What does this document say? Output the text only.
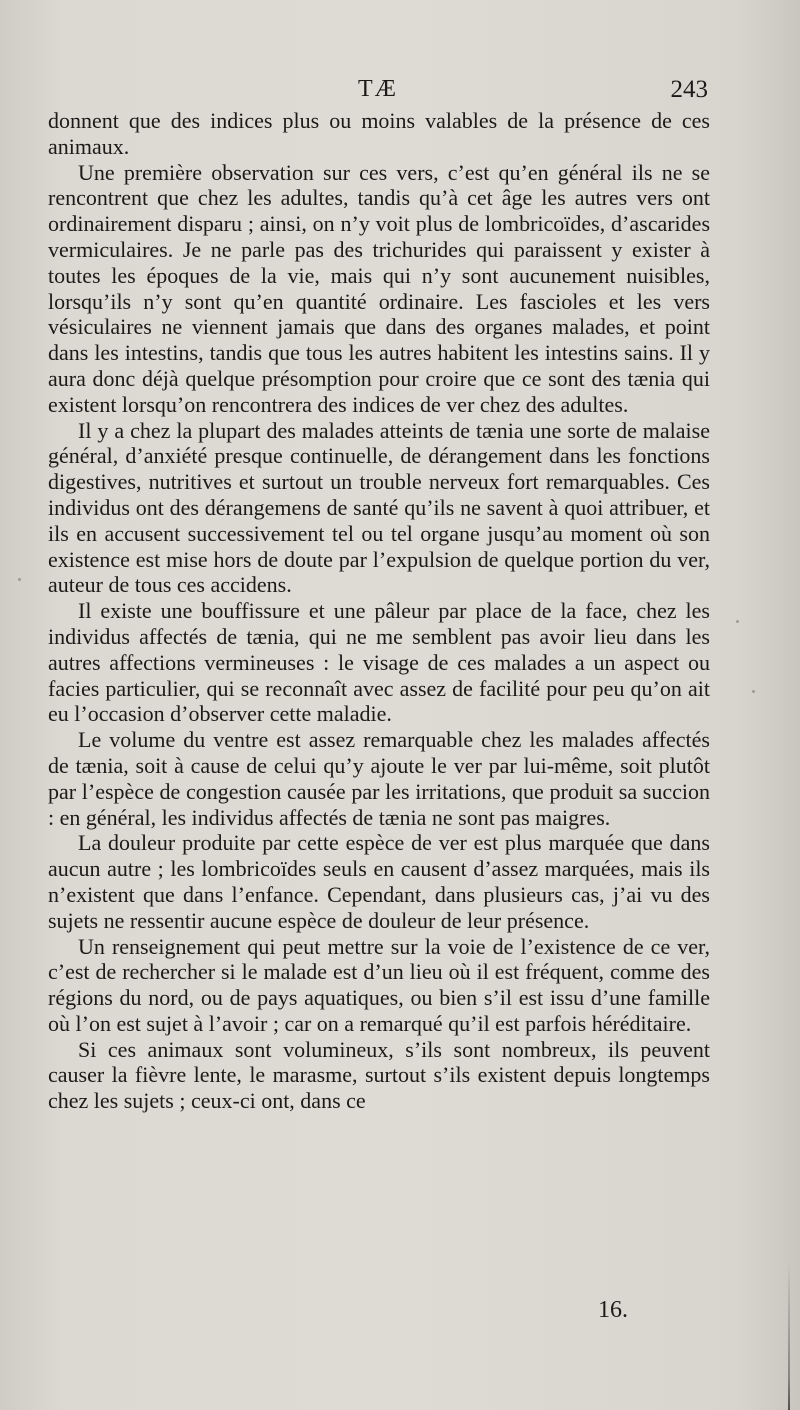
TÆ	243

donnent que des indices plus ou moins valables de la présence de ces animaux.

Une première observation sur ces vers, c’est qu’en général ils ne se rencontrent que chez les adultes, tandis qu’à cet âge les autres vers ont ordinairement disparu ; ainsi, on n’y voit plus de lombricoïdes, d’ascarides vermiculaires. Je ne parle pas des trichurides qui paraissent y exister à toutes les époques de la vie, mais qui n’y sont aucunement nuisibles, lorsqu’ils n’y sont qu’en quantité ordinaire. Les fascioles et les vers vésiculaires ne viennent jamais que dans des organes malades, et point dans les intestins, tandis que tous les autres habitent les intestins sains. Il y aura donc déjà quelque présomption pour croire que ce sont des tænia qui existent lorsqu’on rencontrera des indices de ver chez des adultes.

Il y a chez la plupart des malades atteints de tænia une sorte de malaise général, d’anxiété presque continuelle, de dérangement dans les fonctions digestives, nutritives et surtout un trouble nerveux fort remarquables. Ces individus ont des dérangemens de santé qu’ils ne savent à quoi attribuer, et ils en accusent successivement tel ou tel organe jusqu’au moment où son existence est mise hors de doute par l’expulsion de quelque portion du ver, auteur de tous ces accidens.

Il existe une bouffissure et une pâleur par place de la face, chez les individus affectés de tænia, qui ne me semblent pas avoir lieu dans les autres affections vermineuses : le visage de ces malades a un aspect ou facies particulier, qui se reconnaît avec assez de facilité pour peu qu’on ait eu l’occasion d’observer cette maladie.

Le volume du ventre est assez remarquable chez les malades affectés de tænia, soit à cause de celui qu’y ajoute le ver par lui-même, soit plutôt par l’espèce de congestion causée par les irritations, que produit sa succion : en général, les individus affectés de tænia ne sont pas maigres.

La douleur produite par cette espèce de ver est plus marquée que dans aucun autre ; les lombricoïdes seuls en causent d’assez marquées, mais ils n’existent que dans l’enfance. Cependant, dans plusieurs cas, j’ai vu des sujets ne ressentir aucune espèce de douleur de leur présence.

Un renseignement qui peut mettre sur la voie de l’existence de ce ver, c’est de rechercher si le malade est d’un lieu où il est fréquent, comme des régions du nord, ou de pays aquatiques, ou bien s’il est issu d’une famille où l’on est sujet à l’avoir ; car on a remarqué qu’il est parfois héréditaire.

Si ces animaux sont volumineux, s’ils sont nombreux, ils peuvent causer la fièvre lente, le marasme, surtout s’ils existent depuis longtemps chez les sujets ; ceux-ci ont, dans ce

16.
